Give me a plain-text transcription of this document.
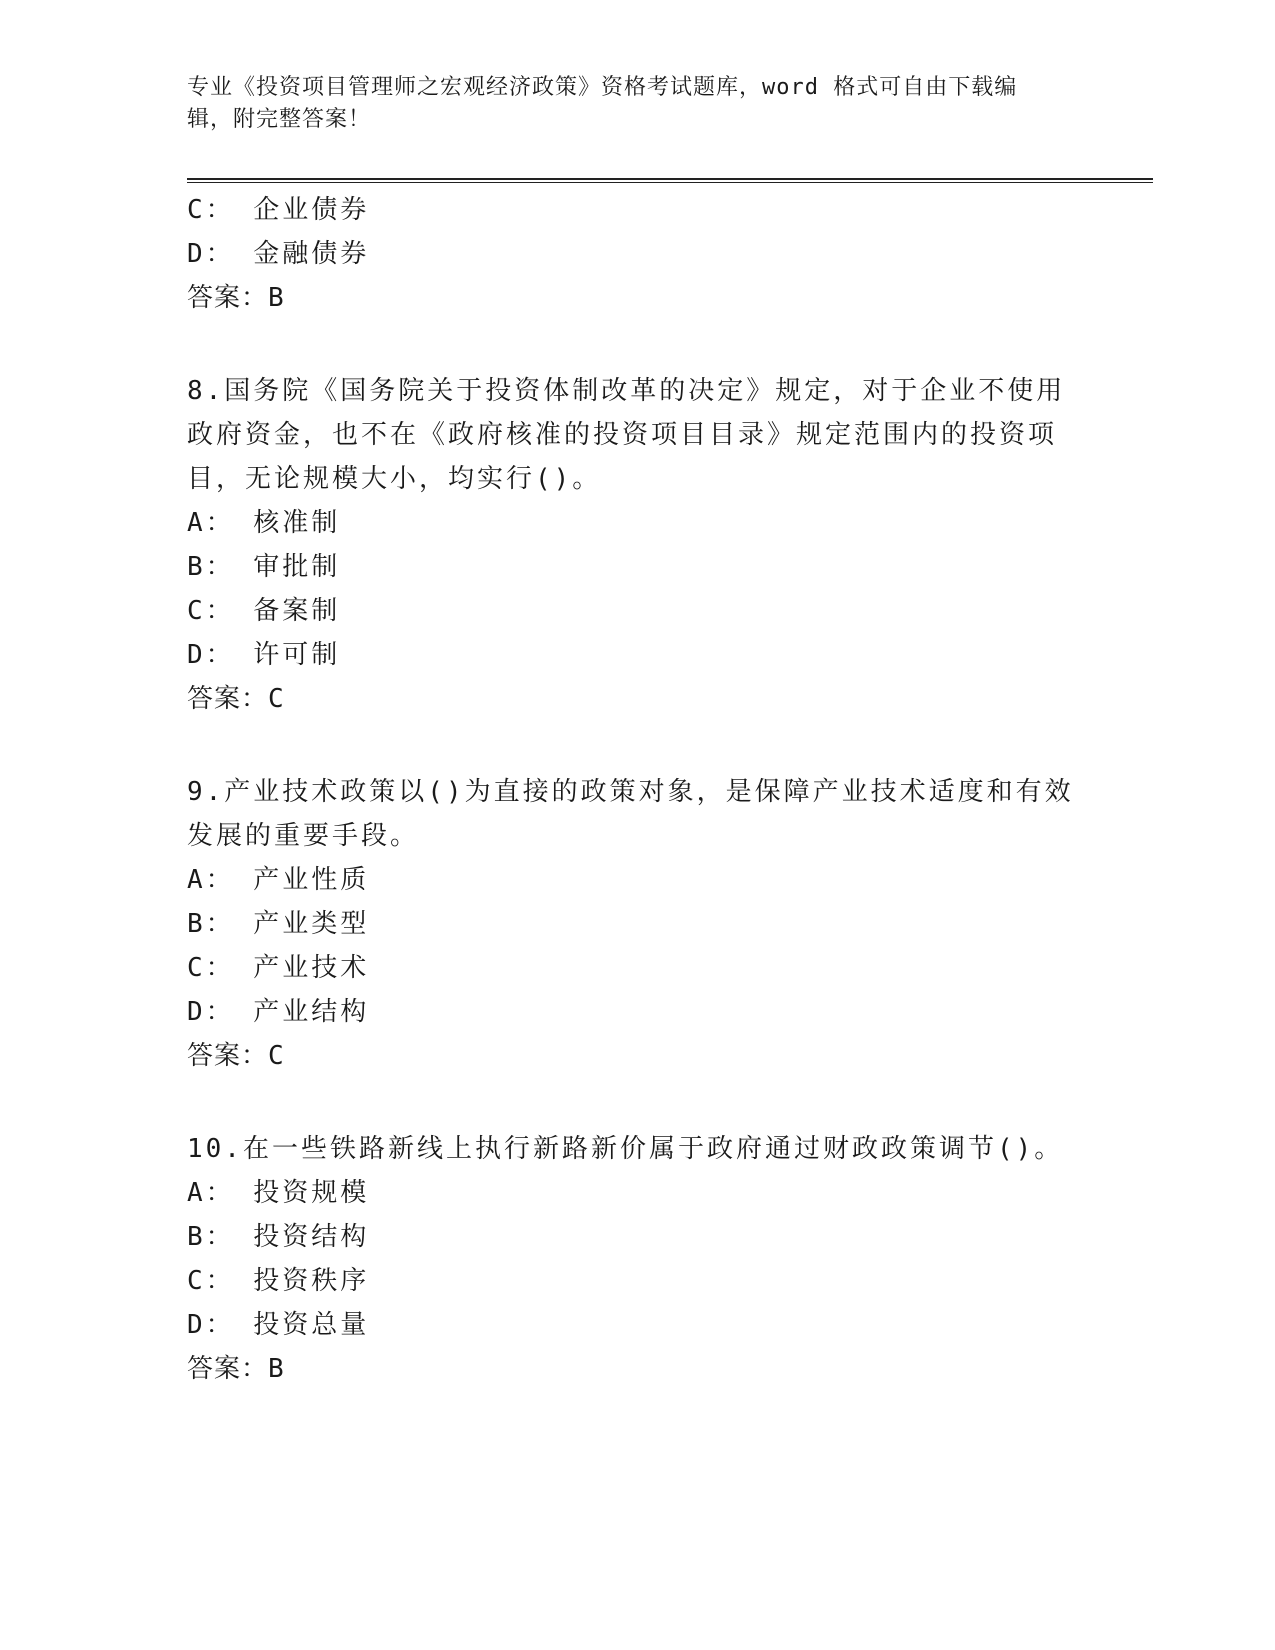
专业《投资项目管理师之宏观经济政策》资格考试题库，word 格式可自由下载编
辑，附完整答案！
C： 企业债券
D： 金融债券
答案：B
8.国务院《国务院关于投资体制改革的决定》规定，对于企业不使用
政府资金，也不在《政府核准的投资项目目录》规定范围内的投资项
目，无论规模大小，均实行()。
A： 核准制
B： 审批制
C： 备案制
D： 许可制
答案：C
9.产业技术政策以()为直接的政策对象，是保障产业技术适度和有效
发展的重要手段。
A： 产业性质
B： 产业类型
C： 产业技术
D： 产业结构
答案：C
10.在一些铁路新线上执行新路新价属于政府通过财政政策调节()。
A： 投资规模
B： 投资结构
C： 投资秩序
D： 投资总量
答案：B
